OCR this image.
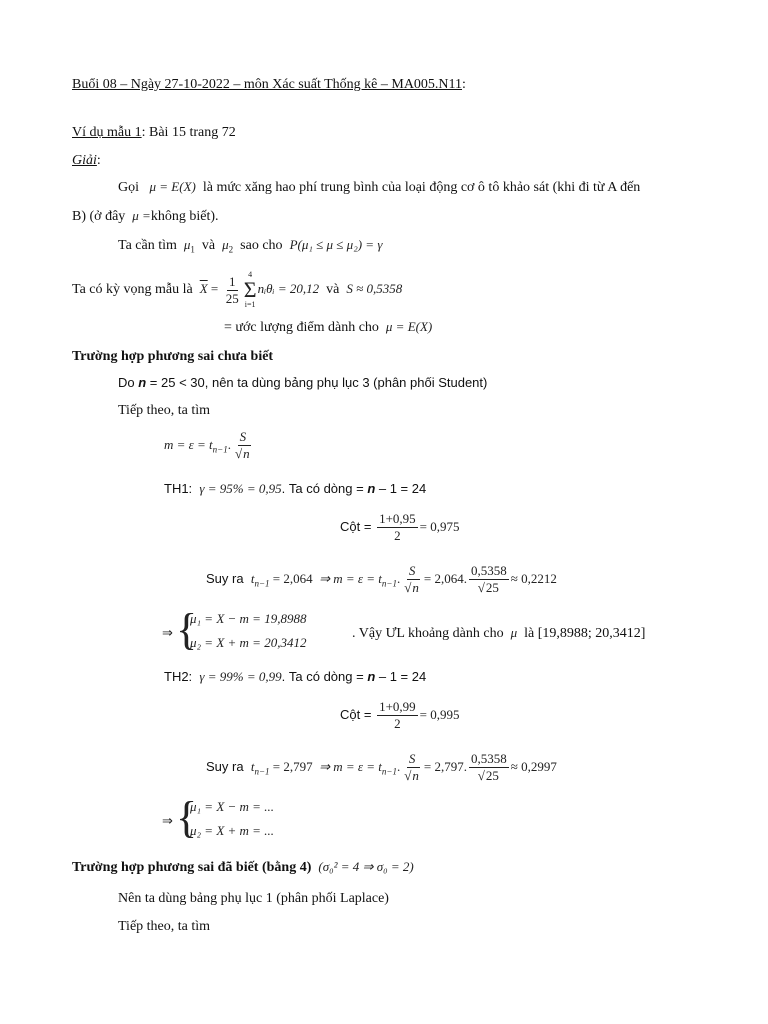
Buổi 08 – Ngày 27-10-2022 – môn Xác suất Thống kê – MA005.N11:
Ví dụ mẫu 1: Bài 15 trang 72
Giải:
Gọi μ = E(X) là mức xăng hao phí trung bình của loại động cơ ô tô khảo sát (khi đi từ A đến
B) (ở đây μ =không biết).
Ta cần tìm $\mu_1$ và $\mu_2$ sao cho P(μ₁ ≤ μ ≤ μ₂) = γ
Ta có kỳ vọng mẫu là $\overline{X} = \frac{1}{25} 4$
Σ
i=1
nᵢθᵢ = 20,12 và S ≈ 0,5358
= ước lượng điểm dành cho μ = E(X)
Trường hợp phương sai chưa biết
Do n = 25 < 30, nên ta dùng bảng phụ lục 3 (phân phối Student)
Tiếp theo, ta tìm
$m = \varepsilon = t_{n-1}$. $\frac{S}{√n}$
TH1: γ = 95% = 0,95. Ta có dòng = n – 1 = 24
Cột = $\frac{1+0,95}{2} = 0,975$
Suy ra $t_{n-1} = 2,064$ ⇒ $m = \varepsilon = t_{n-1}$. $\frac{S}{√n} = 2,064$. $\frac{0,5358}{√25} \approx 0,2212$
⇒ {
μ₁ = X − m = 19,8988
μ₂ = X + m = 20,3412
. Vậy ƯL khoảng dành cho μ là [19,8988; 20,3412]
TH2: γ = 99% = 0,99. Ta có dòng = n – 1 = 24
Cột = $\frac{1+0,99}{2} = 0,995$
Suy ra $t_{n-1} = 2,797$ ⇒ $m = \varepsilon = t_{n-1}$. $\frac{S}{√n} = 2,797$. $\frac{0,5358}{√25} \approx 0,2997$
⇒ {
μ₁ = X − m = ...
μ₂ = X + m = ...
Trường hợp phương sai đã biết (bằng 4) (σ₀² = 4 ⇒ σ₀ = 2)
Nên ta dùng bảng phụ lục 1 (phân phối Laplace)
Tiếp theo, ta tìm
